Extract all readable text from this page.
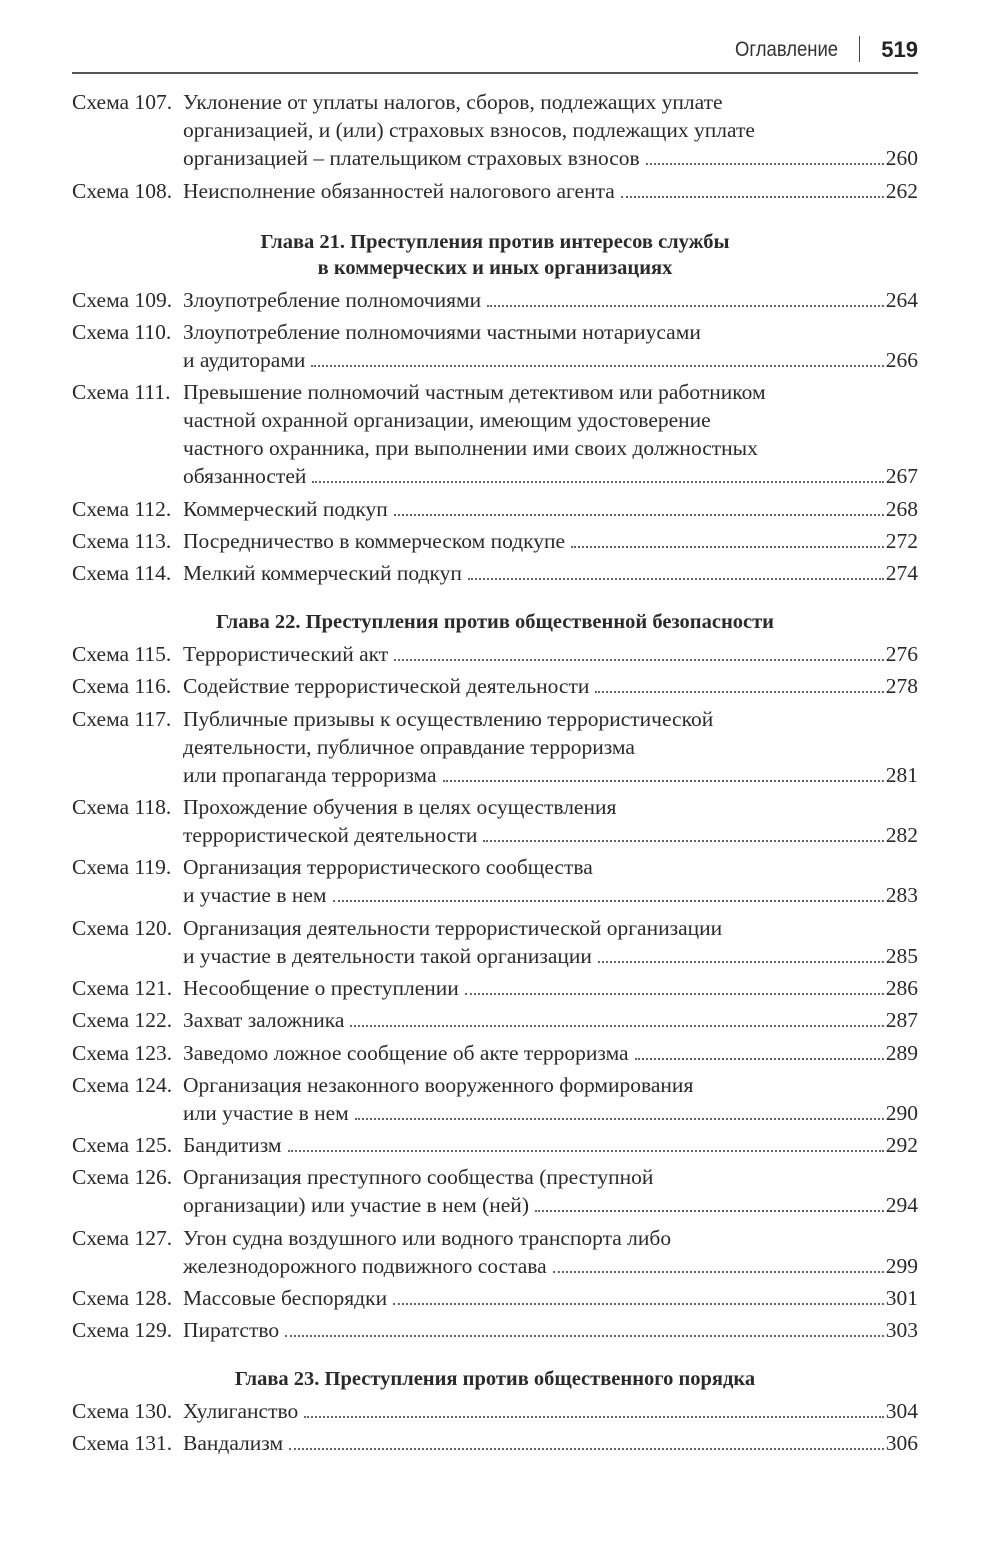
Оглавление 519
Схема 107. Уклонение от уплаты налогов, сборов, подлежащих уплате
организацией, и (или) страховых взносов, подлежащих уплате
организацией – плательщиком страховых взносов	260
Схема 108. Неисполнение обязанностей налогового агента	262
Глава 21. Преступления против интересов службы
в коммерческих и иных организациях
Схема 109. Злоупотребление полномочиями	264
Схема 110. Злоупотребление полномочиями частными нотариусами
и аудиторами	266
Схема 111. Превышение полномочий частным детективом или работником
частной охранной организации, имеющим удостоверение
частного охранника, при выполнении ими своих должностных
обязанностей	267
Схема 112. Коммерческий подкуп	268
Схема 113. Посредничество в коммерческом подкупе	272
Схема 114. Мелкий коммерческий подкуп	274
Глава 22. Преступления против общественной безопасности
Схема 115. Террористический акт	276
Схема 116. Содействие террористической деятельности	278
Схема 117. Публичные призывы к осуществлению террористической
деятельности, публичное оправдание терроризма
или пропаганда терроризма	281
Схема 118. Прохождение обучения в целях осуществления
террористической деятельности	282
Схема 119. Организация террористического сообщества
и участие в нем	283
Схема 120. Организация деятельности террористической организации
и участие в деятельности такой организации	285
Схема 121. Несообщение о преступлении	286
Схема 122. Захват заложника	287
Схема 123. Заведомо ложное сообщение об акте терроризма	289
Схема 124. Организация незаконного вооруженного формирования
или участие в нем	290
Схема 125. Бандитизм	292
Схема 126. Организация преступного сообщества (преступной
организации) или участие в нем (ней)	294
Схема 127. Угон судна воздушного или водного транспорта либо
железнодорожного подвижного состава	299
Схема 128. Массовые беспорядки	301
Схема 129. Пиратство	303
Глава 23. Преступления против общественного порядка
Схема 130. Хулиганство	304
Схема 131. Вандализм	306
